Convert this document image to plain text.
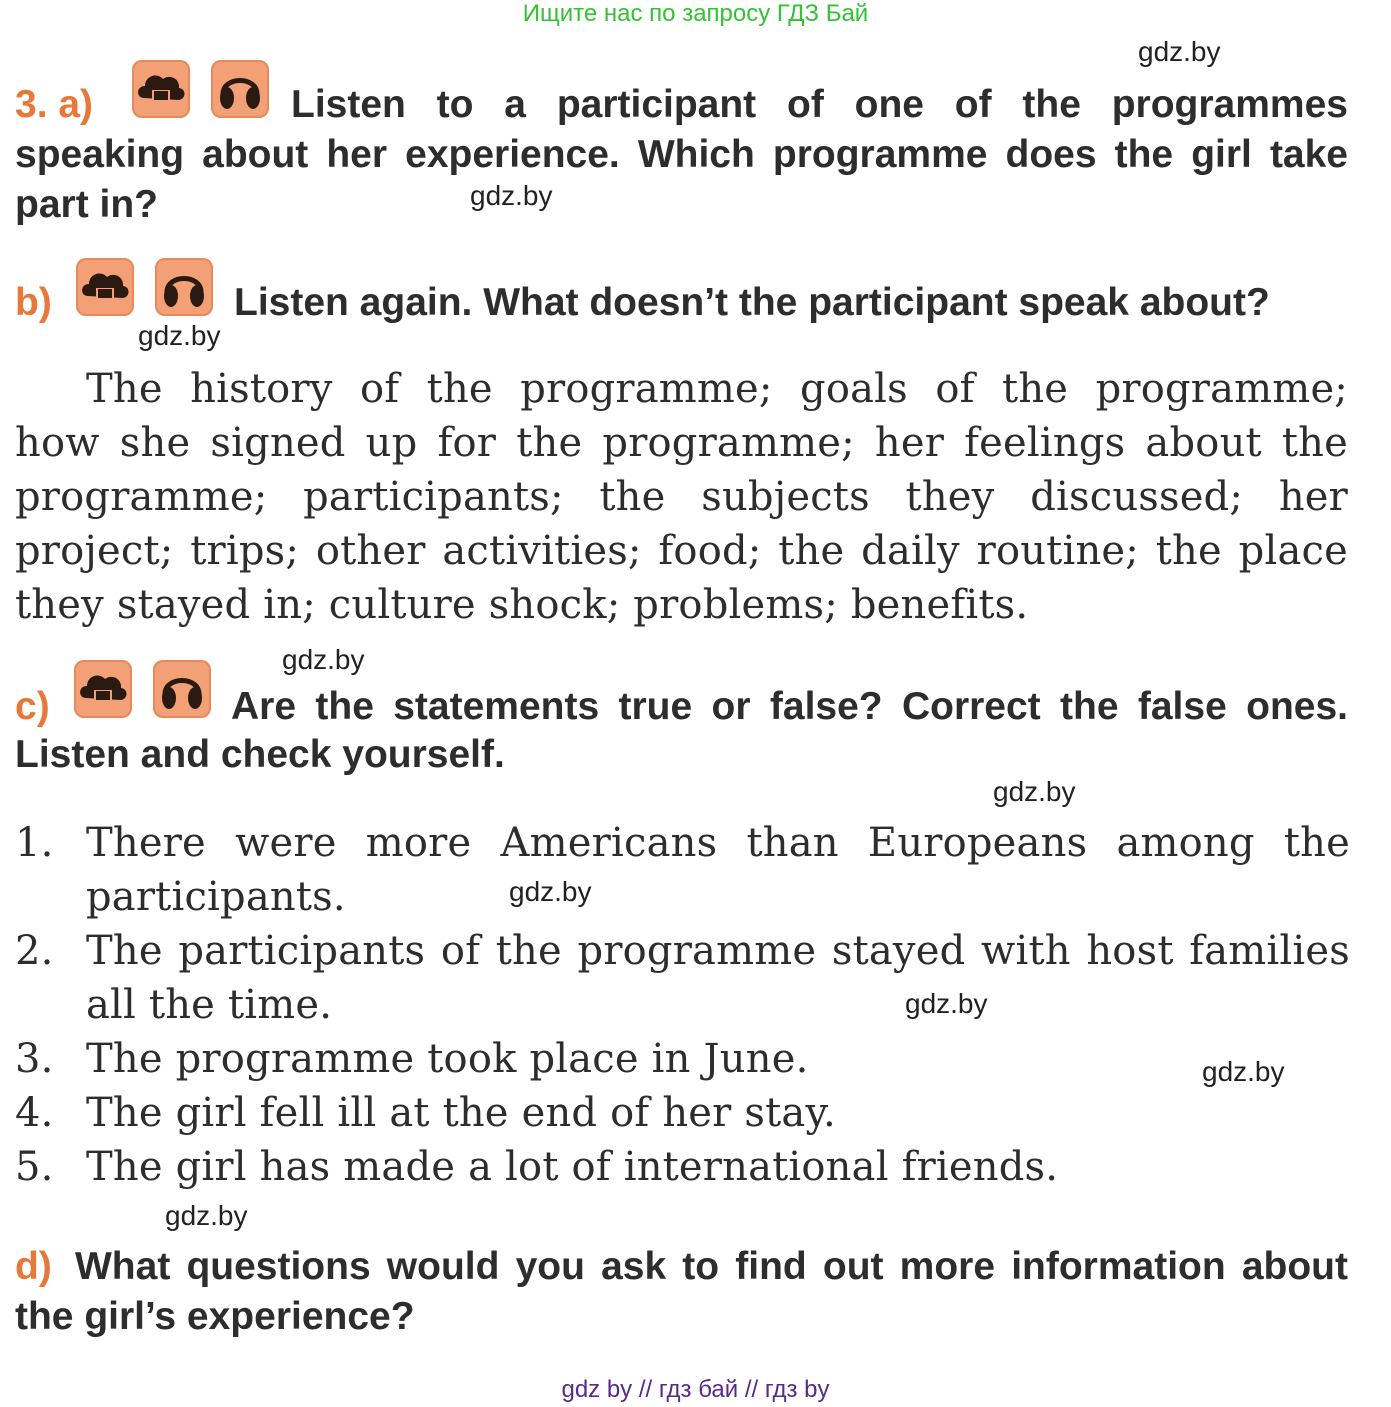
Ищите нас по запросу ГДЗ Бай
gdz.by
gdz.by
gdz.by
gdz.by
gdz.by
gdz.by
gdz.by
gdz.by
gdz.by
3. a)	Listen to a participant of one of the programmes
speaking about her experience. Which programme does the girl take
part in?
b)	Listen again. What doesn’t the participant speak about?
The history of the programme; goals of the programme;
how she signed up for the programme; her feelings about the
programme; participants; the subjects they discussed; her
project; trips; other activities; food; the daily routine; the place
they stayed in; culture shock; problems; benefits.
c)	Are the statements true or false? Correct the false ones.
Listen and check yourself.
1. There were more Americans than Europeans among the
participants.
2. The participants of the programme stayed with host families
all the time.
3. The programme took place in June.
4. The girl fell ill at the end of her stay.
5. The girl has made a lot of international friends.
d) What questions would you ask to find out more information about
the girl’s experience?
gdz by // гдз бай // гдз by
